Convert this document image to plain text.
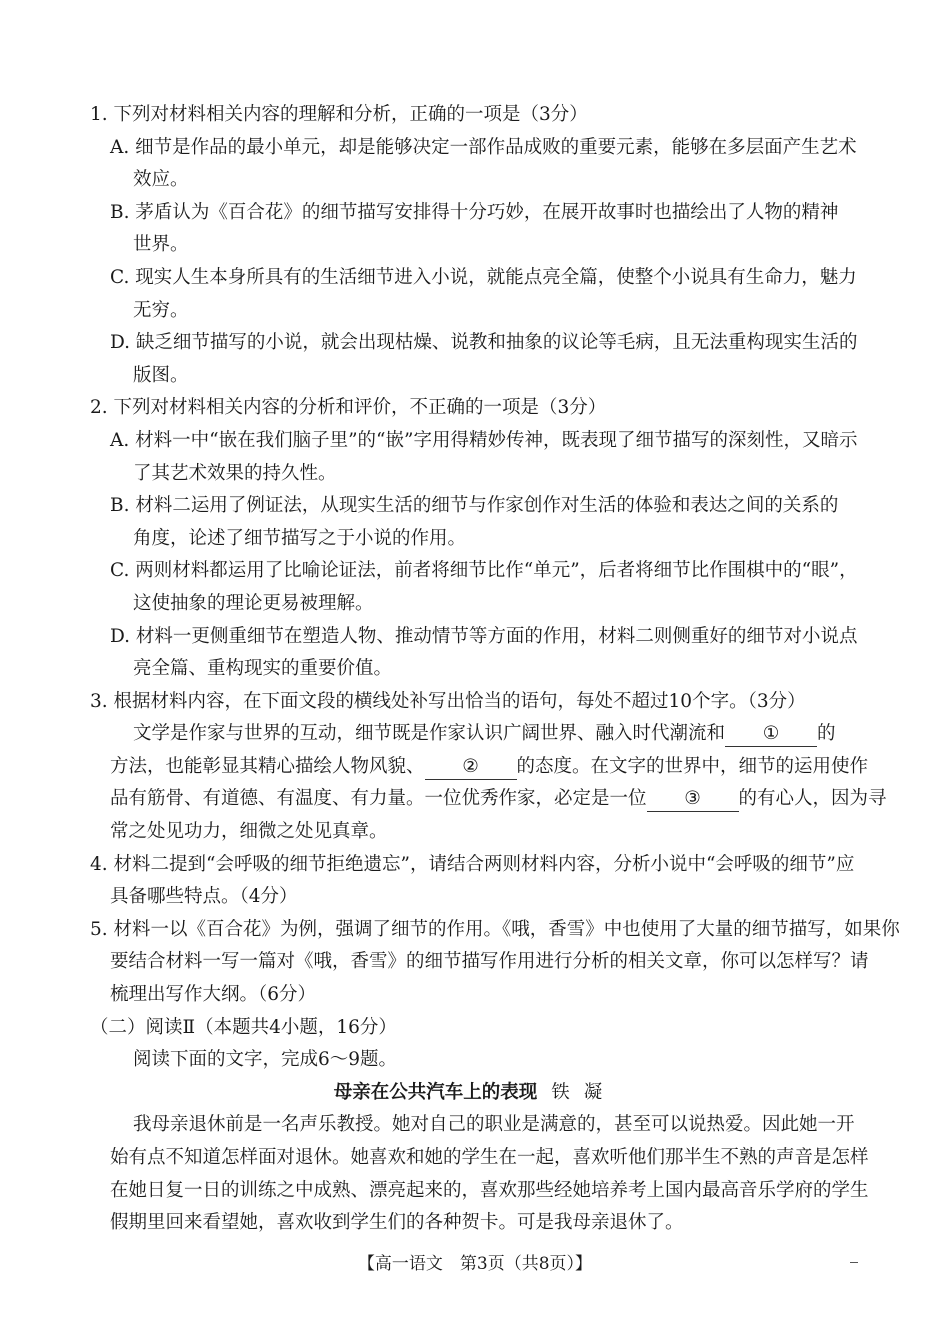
1. 下列对材料相关内容的理解和分析，正确的一项是（3分）
A. 细节是作品的最小单元，却是能够决定一部作品成败的重要元素，能够在多层面产生艺术
效应。
B. 茅盾认为《百合花》的细节描写安排得十分巧妙，在展开故事时也描绘出了人物的精神
世界。
C. 现实人生本身所具有的生活细节进入小说，就能点亮全篇，使整个小说具有生命力，魅力
无穷。
D. 缺乏细节描写的小说，就会出现枯燥、说教和抽象的议论等毛病，且无法重构现实生活的
版图。
2. 下列对材料相关内容的分析和评价，不正确的一项是（3分）
A. 材料一中“嵌在我们脑子里”的“嵌”字用得精妙传神，既表现了细节描写的深刻性，又暗示
了其艺术效果的持久性。
B. 材料二运用了例证法，从现实生活的细节与作家创作对生活的体验和表达之间的关系的
角度，论述了细节描写之于小说的作用。
C. 两则材料都运用了比喻论证法，前者将细节比作“单元”，后者将细节比作围棋中的“眼”，
这使抽象的理论更易被理解。
D. 材料一更侧重细节在塑造人物、推动情节等方面的作用，材料二则侧重好的细节对小说点
亮全篇、重构现实的重要价值。
3. 根据材料内容，在下面文段的横线处补写出恰当的语句，每处不超过10个字。（3分）
文学是作家与世界的互动，细节既是作家认识广阔世界、融入时代潮流和 ① 的
方法，也能彰显其精心描绘人物风貌、 ② 的态度。在文字的世界中，细节的运用使作
品有筋骨、有道德、有温度、有力量。一位优秀作家，必定是一位 ③ 的有心人，因为寻
常之处见功力，细微之处见真章。
4. 材料二提到“会呼吸的细节拒绝遗忘”，请结合两则材料内容，分析小说中“会呼吸的细节”应
具备哪些特点。（4分）
5. 材料一以《百合花》为例，强调了细节的作用。《哦，香雪》中也使用了大量的细节描写，如果你
要结合材料一写一篇对《哦，香雪》的细节描写作用进行分析的相关文章，你可以怎样写？请
梳理出写作大纲。（6分）
（二）阅读Ⅱ（本题共4小题，16分）
阅读下面的文字，完成6～9题。
母亲在公共汽车上的表现 铁凝
我母亲退休前是一名声乐教授。她对自己的职业是满意的，甚至可以说热爱。因此她一开
始有点不知道怎样面对退休。她喜欢和她的学生在一起，喜欢听他们那半生不熟的声音是怎样
在她日复一日的训练之中成熟、漂亮起来的，喜欢那些经她培养考上国内最高音乐学府的学生
假期里回来看望她，喜欢收到学生们的各种贺卡。可是我母亲退休了。
【高一语文　第3页（共8页）】
